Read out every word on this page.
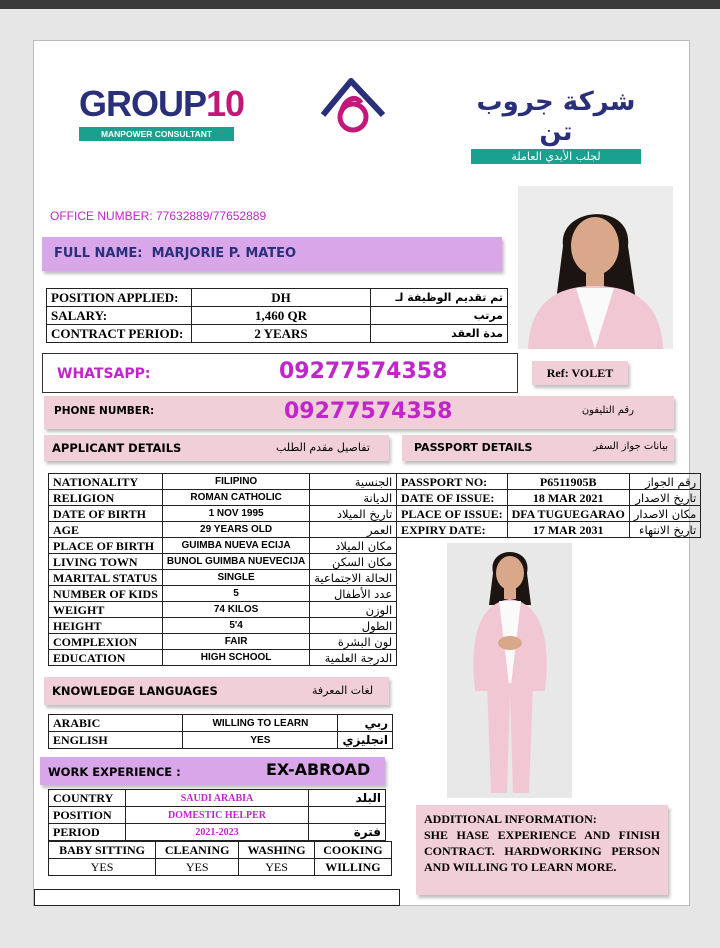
GROUP10
MANPOWER CONSULTANT
شركة جروب تن
لجلب الأيدي العاملة
OFFICE NUMBER: 77632889/77652889
FULL NAME: MARJORIE P. MATEO
POSITION APPLIED:	DH	تم تقديم الوظيفة لـ
SALARY:	1,460 QR	مرتب
CONTRACT PERIOD:	2 YEARS	مدة العقد
WHATSAPP:	09277574358	Ref: VOLET
PHONE NUMBER:	09277574358	رقم التليفون
APPLICANT DETAILS	تفاصيل مقدم الطلب	PASSPORT DETAILS	بيانات جواز السفر
NATIONALITY	FILIPINO	الجنسية
RELIGION	ROMAN CATHOLIC	الديانة
DATE OF BIRTH	1 NOV 1995	تاريخ الميلاد
AGE	29 YEARS OLD	العمر
PLACE OF BIRTH	GUIMBA NUEVA ECIJA	مكان الميلاد
LIVING TOWN	BUNOL GUIMBA NUEVECIJA	مكان السكن
MARITAL STATUS	SINGLE	الحالة الاجتماعية
NUMBER OF KIDS	5	عدد الأطفال
WEIGHT	74 KILOS	الوزن
HEIGHT	5'4	الطول
COMPLEXION	FAIR	لون البشرة
EDUCATION	HIGH SCHOOL	الدرجة العلمية
PASSPORT NO:	P6511905B	رقم الجواز
DATE OF ISSUE:	18 MAR 2021	تاريخ الاصدار
PLACE OF ISSUE:	DFA TUGUEGARAO	مكان الاصدار
EXPIRY DATE:	17 MAR 2031	تاريخ الانتهاء
KNOWLEDGE LANGUAGES	لغات المعرفة
ARABIC	WILLING TO LEARN	ربي
ENGLISH	YES	انجليزي
WORK EXPERIENCE :	EX-ABROAD
COUNTRY	SAUDI ARABIA	البلد
POSITION	DOMESTIC HELPER	
PERIOD	2021-2023	فترة
BABY SITTING	CLEANING	WASHING	COOKING
YES	YES	YES	WILLING
ADDITIONAL INFORMATION:
SHE HASE EXPERIENCE AND FINISH CONTRACT. HARDWORKING PERSON AND WILLING TO LEARN MORE.
